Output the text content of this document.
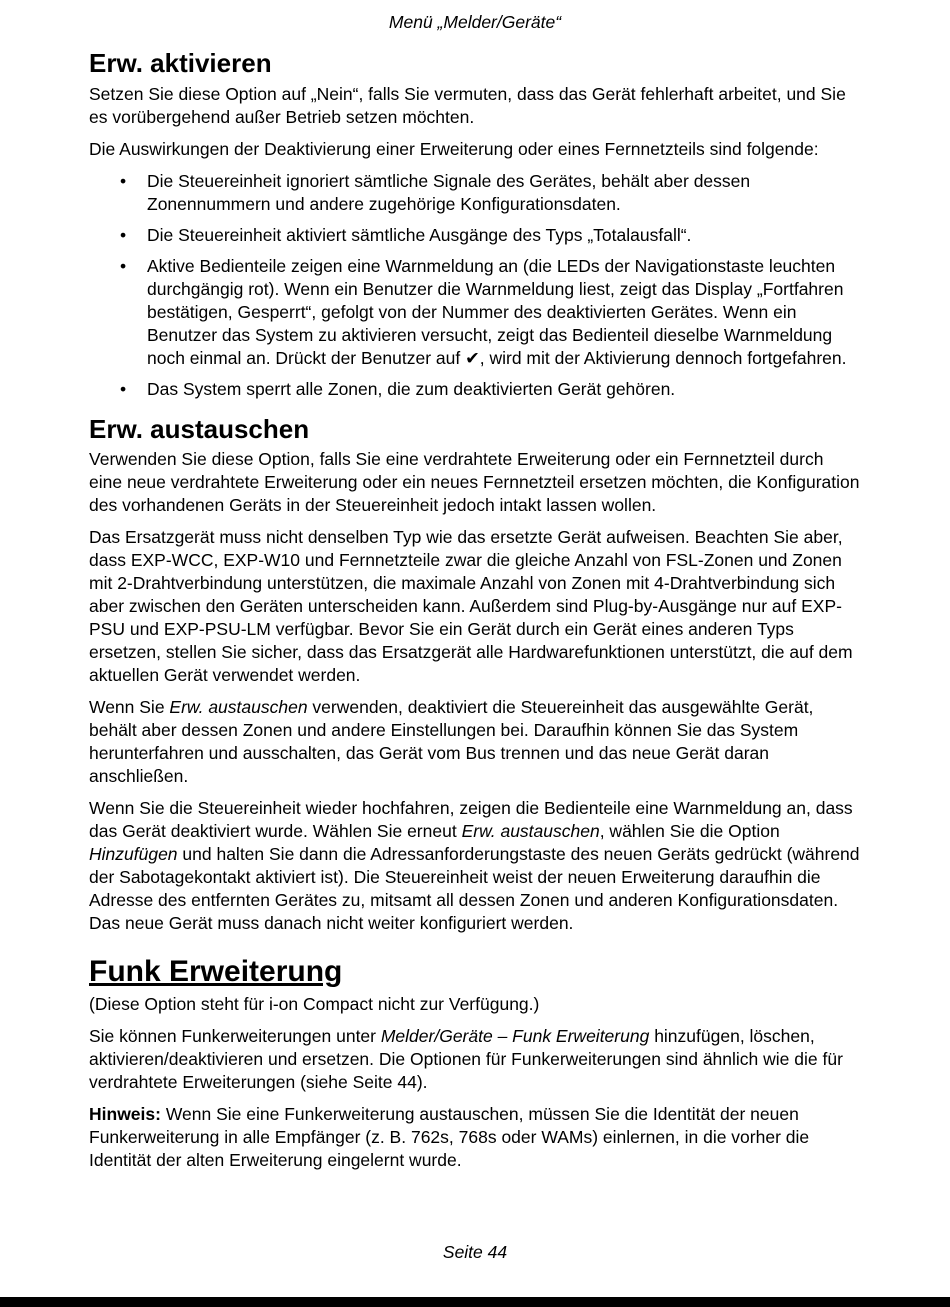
Menü „Melder/Geräte“
Erw. aktivieren

Setzen Sie diese Option auf „Nein“, falls Sie vermuten, dass das Gerät fehlerhaft arbeitet, und Sie es vorübergehend außer Betrieb setzen möchten.

Die Auswirkungen der Deaktivierung einer Erweiterung oder eines Fernnetzteils sind folgende:

• Die Steuereinheit ignoriert sämtliche Signale des Gerätes, behält aber dessen Zonennummern und andere zugehörige Konfigurationsdaten.
• Die Steuereinheit aktiviert sämtliche Ausgänge des Typs „Totalausfall“.
• Aktive Bedienteile zeigen eine Warnmeldung an (die LEDs der Navigationstaste leuchten durchgängig rot). Wenn ein Benutzer die Warnmeldung liest, zeigt das Display „Fortfahren bestätigen, Gesperrt“, gefolgt von der Nummer des deaktivierten Gerätes. Wenn ein Benutzer das System zu aktivieren versucht, zeigt das Bedienteil dieselbe Warnmeldung noch einmal an. Drückt der Benutzer auf ✔, wird mit der Aktivierung dennoch fortgefahren.
• Das System sperrt alle Zonen, die zum deaktivierten Gerät gehören.
Erw. austauschen

Verwenden Sie diese Option, falls Sie eine verdrahtete Erweiterung oder ein Fernnetzteil durch eine neue verdrahtete Erweiterung oder ein neues Fernnetzteil ersetzen möchten, die Konfiguration des vorhandenen Geräts in der Steuereinheit jedoch intakt lassen wollen.

Das Ersatzgerät muss nicht denselben Typ wie das ersetzte Gerät aufweisen. Beachten Sie aber, dass EXP-WCC, EXP-W10 und Fernnetzteile zwar die gleiche Anzahl von FSL-Zonen und Zonen mit 2-Drahtverbindung unterstützen, die maximale Anzahl von Zonen mit 4-Drahtverbindung sich aber zwischen den Geräten unterscheiden kann. Außerdem sind Plug-by-Ausgänge nur auf EXP-PSU und EXP-PSU-LM verfügbar. Bevor Sie ein Gerät durch ein Gerät eines anderen Typs ersetzen, stellen Sie sicher, dass das Ersatzgerät alle Hardwarefunktionen unterstützt, die auf dem aktuellen Gerät verwendet werden.

Wenn Sie Erw. austauschen verwenden, deaktiviert die Steuereinheit das ausgewählte Gerät, behält aber dessen Zonen und andere Einstellungen bei. Daraufhin können Sie das System herunterfahren und ausschalten, das Gerät vom Bus trennen und das neue Gerät daran anschließen.

Wenn Sie die Steuereinheit wieder hochfahren, zeigen die Bedienteile eine Warnmeldung an, dass das Gerät deaktiviert wurde. Wählen Sie erneut Erw. austauschen, wählen Sie die Option Hinzufügen und halten Sie dann die Adressanforderungstaste des neuen Geräts gedrückt (während der Sabotagekontakt aktiviert ist). Die Steuereinheit weist der neuen Erweiterung daraufhin die Adresse des entfernten Gerätes zu, mitsamt all dessen Zonen und anderen Konfigurationsdaten. Das neue Gerät muss danach nicht weiter konfiguriert werden.

Funk Erweiterung

(Diese Option steht für i-on Compact nicht zur Verfügung.)

Sie können Funkerweiterungen unter Melder/Geräte – Funk Erweiterung hinzufügen, löschen, aktivieren/deaktivieren und ersetzen. Die Optionen für Funkerweiterungen sind ähnlich wie die für verdrahtete Erweiterungen (siehe Seite 44).

Hinweis: Wenn Sie eine Funkerweiterung austauschen, müssen Sie die Identität der neuen Funkerweiterung in alle Empfänger (z. B. 762s, 768s oder WAMs) einlernen, in die vorher die Identität der alten Erweiterung eingelernt wurde.

Seite 44
